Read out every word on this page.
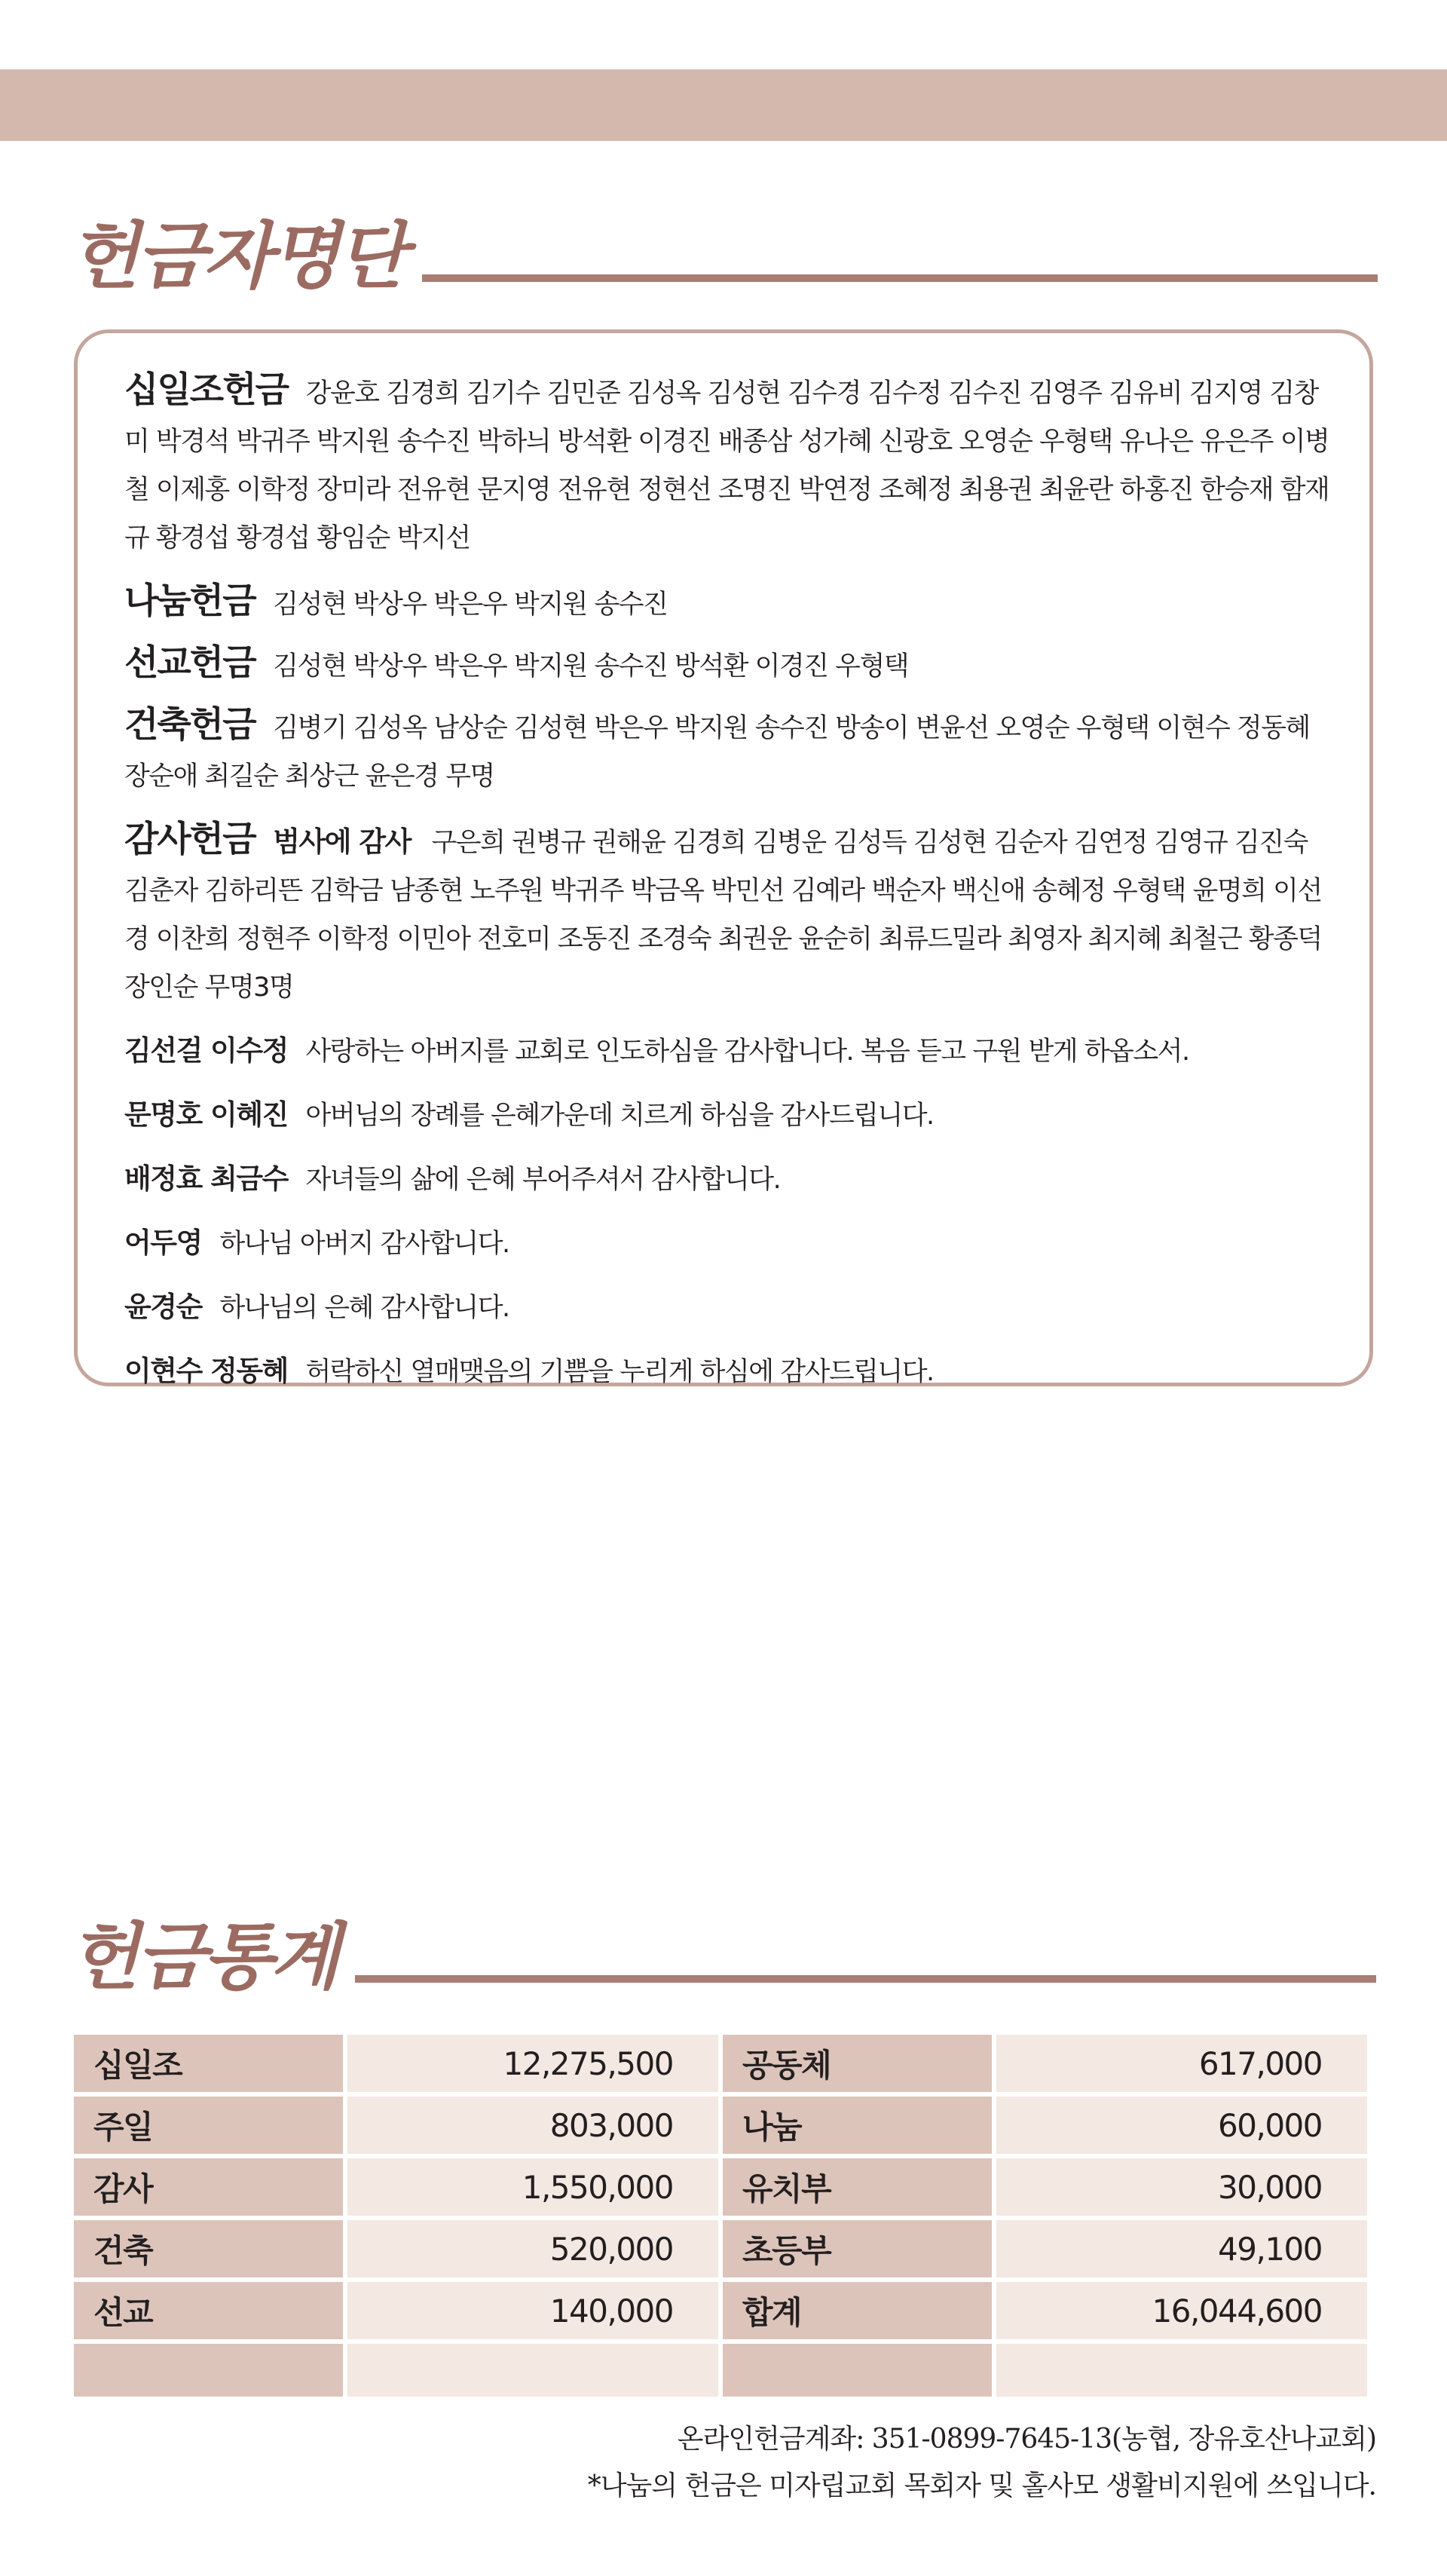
헌금자명단

십일조헌금 강윤호 김경희 김기수 김민준 김성옥 김성현 김수경 김수정 김수진 김영주 김유비 김지영 김창미 박경석 박귀주 박지원 송수진 박하늬 방석환 이경진 배종삼 성가혜 신광호 오영순 우형택 유나은 유은주 이병철 이제홍 이학정 장미라 전유현 문지영 전유현 정현선 조명진 박연정 조혜정 최용권 최윤란 하홍진 한승재 함재규 황경섭 황경섭 황임순 박지선

나눔헌금 김성현 박상우 박은우 박지원 송수진

선교헌금 김성현 박상우 박은우 박지원 송수진 방석환 이경진 우형택

건축헌금 김병기 김성옥 남상순 김성현 박은우 박지원 송수진 방송이 변윤선 오영순 우형택 이현수 정동혜 장순애 최길순 최상근 윤은경 무명

감사헌금 범사에 감사 구은희 권병규 권해윤 김경희 김병운 김성득 김성현 김순자 김연정 김영규 김진숙 김춘자 김하리뜬 김학금 남종현 노주원 박귀주 박금옥 박민선 김예라 백순자 백신애 송혜정 우형택 윤명희 이선경 이찬희 정현주 이학정 이민아 전호미 조동진 조경숙 최권운 윤순히 최류드밀라 최영자 최지혜 최철근 황종덕 장인순 무명3명

김선걸 이수정 사랑하는 아버지를 교회로 인도하심을 감사합니다. 복음 듣고 구원 받게 하옵소서.

문명호 이혜진 아버님의 장례를 은혜가운데 치르게 하심을 감사드립니다.

배정효 최금수 자녀들의 삶에 은혜 부어주셔서 감사합니다.

어두영 하나님 아버지 감사합니다.

윤경순 하나님의 은혜 감사합니다.

이현수 정동혜 허락하신 열매맺음의 기쁨을 누리게 하심에 감사드립니다.

헌금통계
십일조	12,275,500	공동체	617,000
주일	803,000	나눔	60,000
감사	1,550,000	유치부	30,000
건축	520,000	초등부	49,100
선교	140,000	합계	16,044,600

온라인헌금계좌: 351-0899-7645-13(농협, 장유호산나교회)
*나눔의 헌금은 미자립교회 목회자 및 홀사모 생활비지원에 쓰입니다.
